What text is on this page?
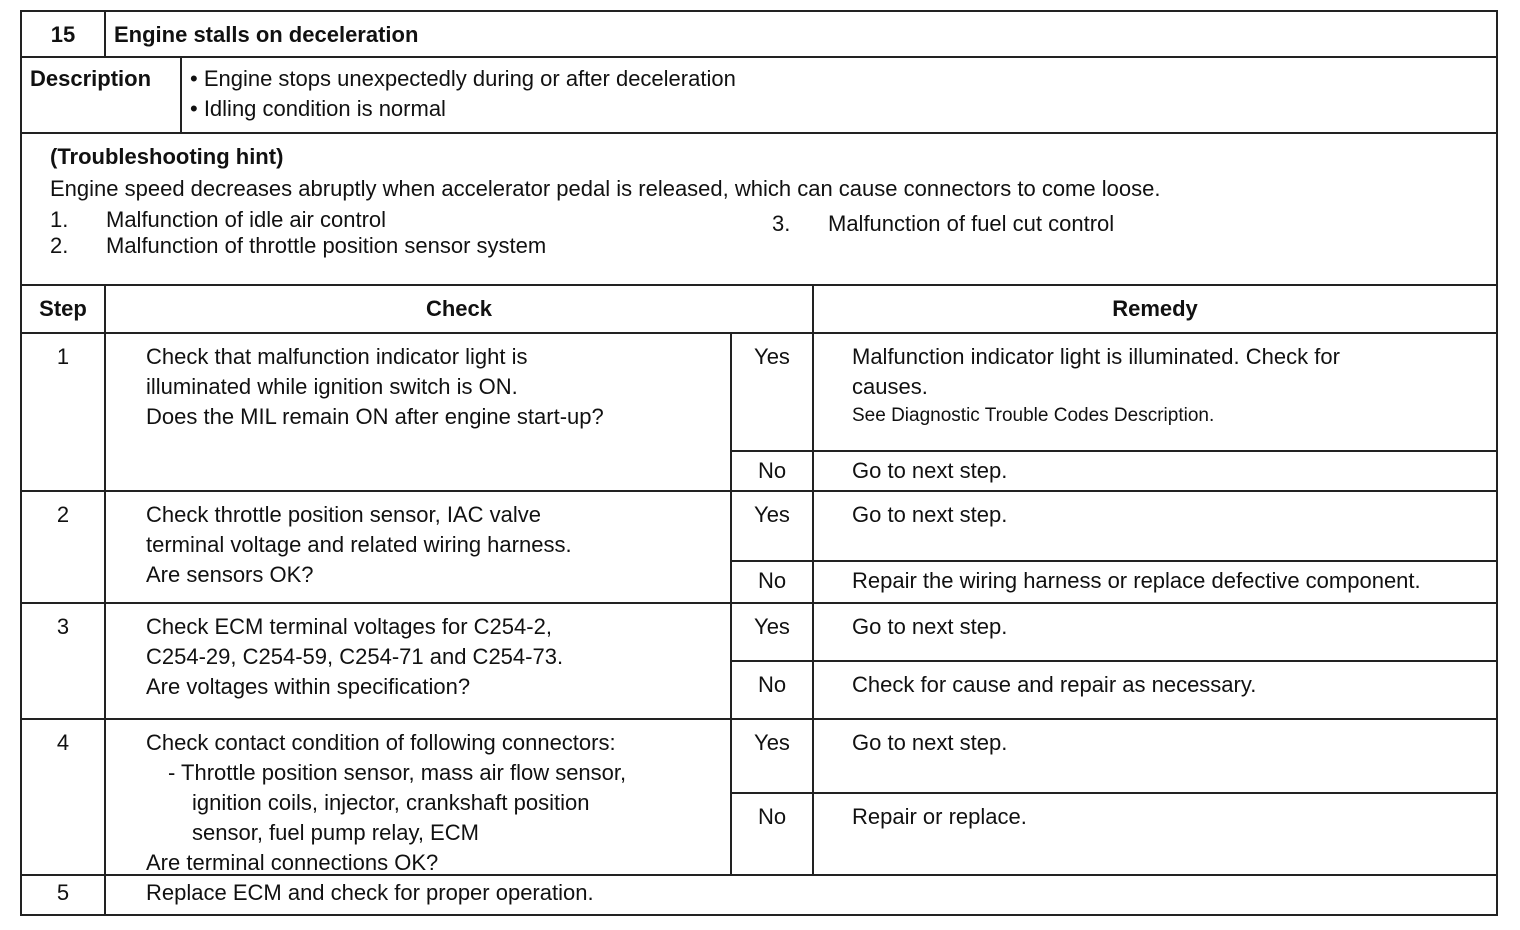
15	Engine stalls on deceleration
Description	• Engine stops unexpectedly during or after deceleration
• Idling condition is normal
(Troubleshooting hint)
Engine speed decreases abruptly when accelerator pedal is released, which can cause connectors to come loose.
1. Malfunction of idle air control
2. Malfunction of throttle position sensor system
3. Malfunction of fuel cut control
Step	Check	Remedy
1	Check that malfunction indicator light is
illuminated while ignition switch is ON.
Does the MIL remain ON after engine start-up?
Yes	Malfunction indicator light is illuminated. Check for
causes.
See Diagnostic Trouble Codes Description.
No	Go to next step.
2	Check throttle position sensor, IAC valve
terminal voltage and related wiring harness.
Are sensors OK?
Yes	Go to next step.
No	Repair the wiring harness or replace defective component.
3	Check ECM terminal voltages for C254-2,
C254-29, C254-59, C254-71 and C254-73.
Are voltages within specification?
Yes	Go to next step.
No	Check for cause and repair as necessary.
4	Check contact condition of following connectors:
- Throttle position sensor, mass air flow sensor,
ignition coils, injector, crankshaft position
sensor, fuel pump relay, ECM
Are terminal connections OK?
Yes	Go to next step.
No	Repair or replace.
5	Replace ECM and check for proper operation.
